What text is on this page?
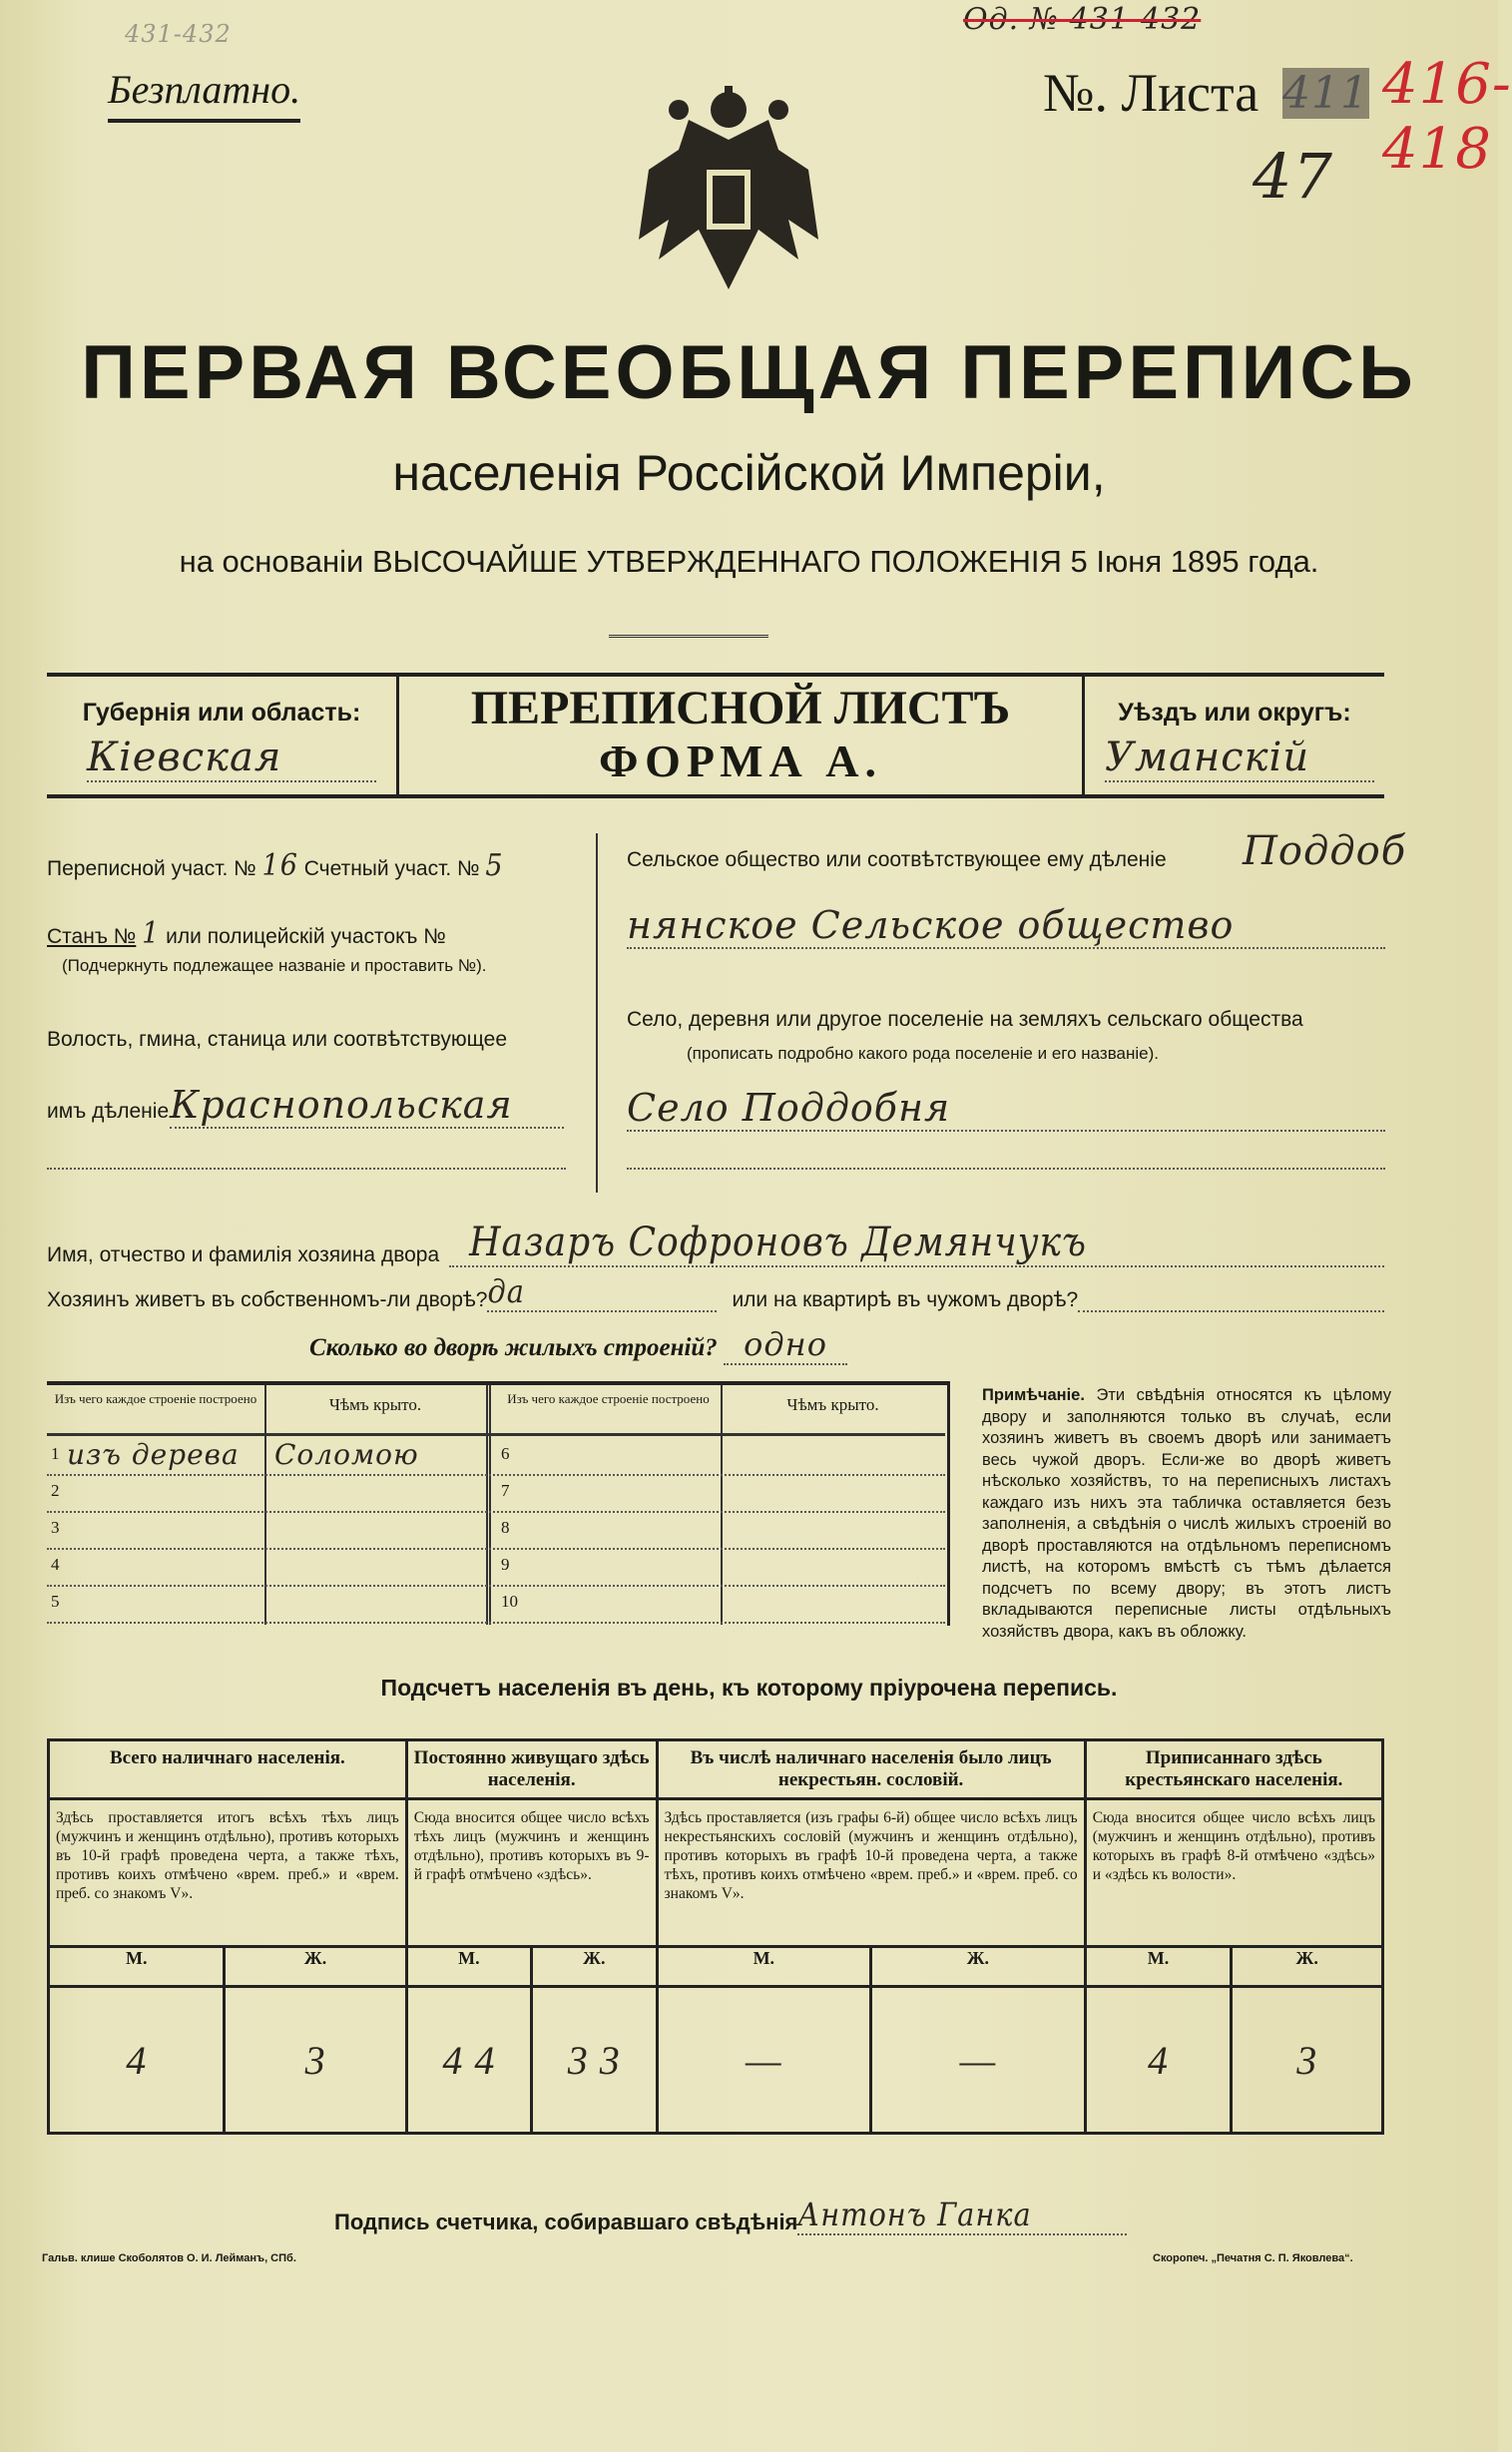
431-432	Од. № 431-432
Безплатно.	№. Листа 411 416-418
47
ПЕРВАЯ ВСЕОБЩАЯ ПЕРЕПИСЬ
населенія Россійской Имперіи,
на основаніи ВЫСОЧАЙШЕ УТВЕРЖДЕННАГО ПОЛОЖЕНІЯ 5 Іюня 1895 года.
Губернія или область:
Кіевская
ПЕРЕПИСНОЙ ЛИСТЪ
ФОРМА А.
Уѣздъ или округъ:
Уманскій
Переписной участ. № 16 Счетный участ. № 5
Станъ № 1 или полицейскій участокъ №
(Подчеркнуть подлежащее названіе и проставить №).
Волость, гмина, станица или соотвѣтствующее
имъ дѣленіе Краснопольская
Сельское общество или соотвѣтствующее ему дѣленіе Поддоб
нянское Сельское общество
Село, деревня или другое поселеніе на земляхъ сельскаго общества
(прописать подробно какого рода поселеніе и его названіе).
Село Поддобня
Имя, отчество и фамилія хозяина двора Назаръ Софроновъ Демянчукъ
Хозяинъ живетъ въ собственномъ-ли дворѣ? да	или на квартирѣ въ чужомъ дворѣ?
Сколько во дворѣ жилыхъ строеній? одно
Изъ чего каждое строеніе построено	Чѣмъ крыто.	Изъ чего каждое строеніе построено	Чѣмъ крыто.
1 изъ дерева Соломою	6
2	7
3	8
4	9
5	10
Примѣчаніе. Эти свѣдѣнія относятся къ цѣлому двору и заполняются только въ случаѣ, если хозяинъ живетъ въ своемъ дворѣ или занимаетъ весь чужой дворъ. Если-же во дворѣ живетъ нѣсколько хозяйствъ, то на переписныхъ листахъ каждаго изъ нихъ эта табличка оставляется безъ заполненія, а свѣдѣнія о числѣ жилыхъ строеній во дворѣ проставляются на отдѣльномъ переписномъ листѣ, на которомъ вмѣстѣ съ тѣмъ дѣлается подсчетъ по всему двору; въ этотъ листъ вкладываются переписные листы отдѣльныхъ хозяйствъ двора, какъ въ обложку.
Подсчетъ населенія въ день, къ которому пріурочена перепись.
Всего наличнаго населенія.		Постоянно живущаго здѣсь населенія.		Въ числѣ наличнаго населенія было лицъ некрестьян. сословій.		Приписаннаго здѣсь крестьянскаго населенія.	
Здѣсь проставляется итогъ всѣхъ тѣхъ лицъ (мужчинъ и женщинъ отдѣльно), противъ которыхъ въ 10-й графѣ проведена черта, а также тѣхъ, противъ коихъ отмѣчено «врем. преб.» и «врем. преб. со знакомъ V».		Сюда вносится общее число всѣхъ тѣхъ лицъ (мужчинъ и женщинъ отдѣльно), противъ которыхъ въ 9-й графѣ отмѣчено «здѣсь».		Здѣсь проставляется (изъ графы 6-й) общее число всѣхъ лицъ некрестьянскихъ сословій (мужчинъ и женщинъ отдѣльно), противъ которыхъ въ графѣ 10-й проведена черта, а также тѣхъ, противъ коихъ отмѣчено «врем. преб.» и «врем. преб. со знакомъ V».		Сюда вносится общее число всѣхъ лицъ (мужчинъ и женщинъ отдѣльно), противъ которыхъ въ графѣ 8-й отмѣчено «здѣсь» и «здѣсь къ волости».	
М.	Ж.	М.	Ж.	М.	Ж.	М.	Ж.
4	3	4 4	3 3	—	—	4	3
Подпись счетчика, собиравшаго свѣдѣнія Антонъ Ганка
Гальв. клише Скоболятов О. И. Лейманъ, СПб.	Скоропеч. „Печатня С. П. Яковлева“.
